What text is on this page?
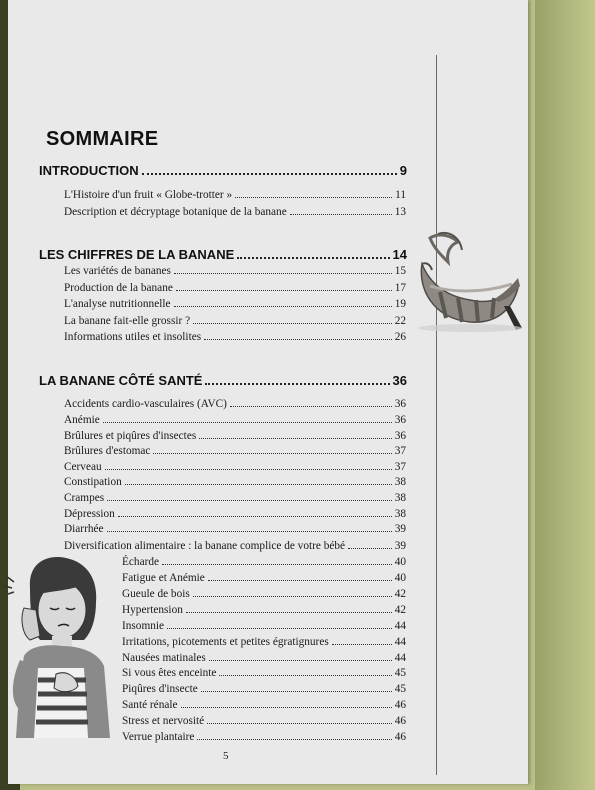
SOMMAIRE
INTRODUCTION	9
L'Histoire d'un fruit « Globe-trotter »	11
Description et décryptage botanique de la banane	13
LES CHIFFRES DE LA BANANE	14
Les variétés de bananes	15
Production de la banane	17
L'analyse nutritionnelle	19
La banane fait-elle grossir ?	22
Informations utiles et insolites	26
LA BANANE CÔTÉ SANTÉ	36
Accidents cardio-vasculaires (AVC)	36
Anémie	36
Brûlures et piqûres d'insectes	36
Brûlures d'estomac	37
Cerveau	37
Constipation	38
Crampes	38
Dépression	38
Diarrhée	39
Diversification alimentaire : la banane complice de votre bébé	39
Écharde	40
Fatigue et Anémie	40
Gueule de bois	42
Hypertension	42
Insomnie	44
Irritations, picotements et petites égratignures	44
Nausées matinales	44
Si vous êtes enceinte	45
Piqûres d'insecte	45
Santé rénale	46
Stress et nervosité	46
Verrue plantaire	46
5
